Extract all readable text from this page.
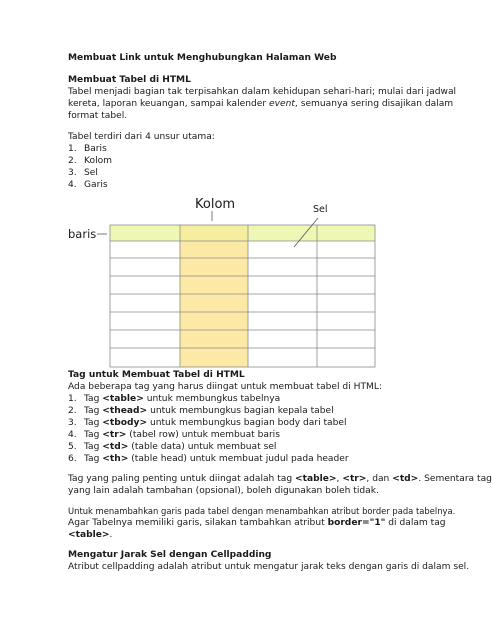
Membuat Link untuk Menghubungkan Halaman Web
Membuat Tabel di HTML
Tabel menjadi bagian tak terpisahkan dalam kehidupan sehari-hari; mulai dari jadwal
kereta, laporan keuangan, sampai kalender event, semuanya sering disajikan dalam
format tabel.
Tabel terdiri dari 4 unsur utama:
1. Baris
2. Kolom
3. Sel
4. Garis
Kolom	Sel
baris
Tag untuk Membuat Tabel di HTML
Ada beberapa tag yang harus diingat untuk membuat tabel di HTML:
1. Tag <table> untuk membungkus tabelnya
2. Tag <thead> untuk membungkus bagian kepala tabel
3. Tag <tbody> untuk membungkus bagian body dari tabel
4. Tag <tr> (tabel row) untuk membuat baris
5. Tag <td> (table data) untuk membuat sel
6. Tag <th> (table head) untuk membuat judul pada header
Tag yang paling penting untuk diingat adalah tag <table>, <tr>, dan <td>. Sementara tag
yang lain adalah tambahan (opsional), boleh digunakan boleh tidak.
Untuk menambahkan garis pada tabel dengan menambahkan atribut border pada tabelnya.
Agar Tabelnya memiliki garis, silakan tambahkan atribut border="1" di dalam tag
<table>.
Mengatur Jarak Sel dengan Cellpadding
Atribut cellpadding adalah atribut untuk mengatur jarak teks dengan garis di dalam sel.
